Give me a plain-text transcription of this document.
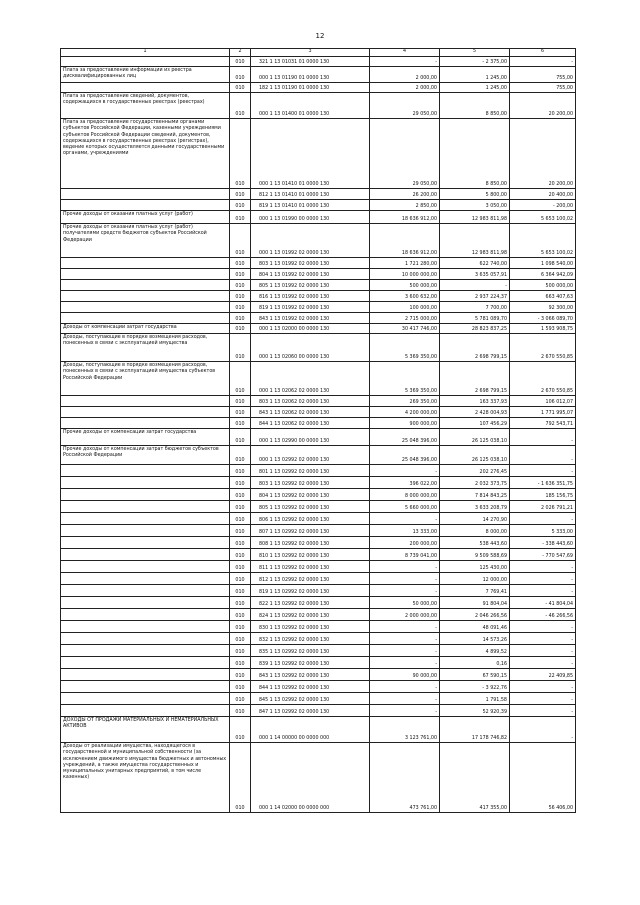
12
1	2	3	4	5	6
	010	321 1 13 01031 01 0000 130	-	- 2 375,00	-
Плата за предоставление информации из реестра дисквалифицированных лиц	010	000 1 13 01190 01 0000 130	2 000,00	1 245,00	755,00
	010	182 1 13 01190 01 0000 130	2 000,00	1 245,00	755,00
Плата за предоставление сведений, документов, содержащихся в государственных реестрах (реестрах)	010	000 1 13 01400 01 0000 130	29 050,00	8 850,00	20 200,00
Плата за предоставление государственными органами субъектов Российской Федерации, казенными учреждениями субъектов Российской Федерации сведений, документов, содержащихся в государственных реестрах (регистрах), ведение которых осуществляется данными государственными органами, учреждениями	010	000 1 13 01410 01 0000 130	29 050,00	8 850,00	20 200,00
	010	812 1 13 01410 01 0000 130	26 200,00	5 800,00	20 400,00
	010	819 1 13 01410 01 0000 130	2 850,00	3 050,00	- 200,00
Прочие доходы от оказания платных услуг (работ)	010	000 1 13 01990 00 0000 130	18 636 912,00	12 983 811,98	5 653 100,02
Прочие доходы от оказания платных услуг (работ) получателями средств бюджетов субъектов Российской Федерации	010	000 1 13 01992 02 0000 130	18 636 912,00	12 983 811,98	5 653 100,02
	010	803 1 13 01992 02 0000 130	1 721 280,00	622 740,00	1 098 540,00
	010	804 1 13 01992 02 0000 130	10 000 000,00	3 635 057,91	6 364 942,09
	010	805 1 13 01992 02 0000 130	500 000,00	-	500 000,00
	010	816 1 13 01992 02 0000 130	3 600 632,00	2 937 224,37	663 407,63
	010	819 1 13 01992 02 0000 130	100 000,00	7 700,00	92 300,00
	010	843 1 13 01992 02 0000 130	2 715 000,00	5 781 089,70	- 3 066 089,70
Доходы от компенсации затрат государства	010	000 1 13 02000 00 0000 130	30 417 746,00	28 823 837,25	1 593 908,75
Доходы, поступающие в порядке возмещения расходов, понесенных в связи с эксплуатацией имущества	010	000 1 13 02060 00 0000 130	5 369 350,00	2 698 799,15	2 670 550,85
Доходы, поступающие в порядке возмещения расходов, понесенных в связи с эксплуатацией имущества субъектов Российской Федерации	010	000 1 13 02062 02 0000 130	5 369 350,00	2 698 799,15	2 670 550,85
	010	803 1 13 02062 02 0000 130	269 350,00	163 337,93	106 012,07
	010	843 1 13 02062 02 0000 130	4 200 000,00	2 428 004,93	1 771 995,07
	010	844 1 13 02062 02 0000 130	900 000,00	107 456,29	792 543,71
Прочие доходы от компенсации затрат государства	010	000 1 13 02990 00 0000 130	25 048 396,00	26 125 038,10	-
Прочие доходы от компенсации затрат бюджетов субъектов Российской Федерации	010	000 1 13 02992 02 0000 130	25 048 396,00	26 125 038,10	-
	010	801 1 13 02992 02 0000 130	-	202 276,45	-
	010	803 1 13 02992 02 0000 130	396 022,00	2 032 373,75	- 1 636 351,75
	010	804 1 13 02992 02 0000 130	8 000 000,00	7 814 843,25	185 156,75
	010	805 1 13 02992 02 0000 130	5 660 000,00	3 633 208,79	2 026 791,21
	010	806 1 13 02992 02 0000 130	-	14 270,90	-
	010	807 1 13 02992 02 0000 130	13 333,00	8 000,00	5 333,00
	010	808 1 13 02992 02 0000 130	200 000,00	538 443,60	- 338 443,60
	010	810 1 13 02992 02 0000 130	8 739 041,00	9 509 588,69	- 770 547,69
	010	811 1 13 02992 02 0000 130	-	125 430,00	-
	010	812 1 13 02992 02 0000 130	-	12 000,00	-
	010	819 1 13 02992 02 0000 130	-	7 769,41	-
	010	822 1 13 02992 02 0000 130	50 000,00	91 804,04	- 41 804,04
	010	824 1 13 02992 02 0000 130	2 000 000,00	2 046 266,56	- 46 266,56
	010	830 1 13 02992 02 0000 130	-	48 091,46	-
	010	832 1 13 02992 02 0000 130	-	14 573,26	-
	010	835 1 13 02992 02 0000 130	-	4 899,52	-
	010	839 1 13 02992 02 0000 130	-	0,16	-
	010	843 1 13 02992 02 0000 130	90 000,00	67 590,15	22 409,85
	010	844 1 13 02992 02 0000 130	-	- 3 922,76	-
	010	845 1 13 02992 02 0000 130	-	1 791,58	-
	010	847 1 13 02992 02 0000 130	-	52 920,39	-
ДОХОДЫ ОТ ПРОДАЖИ МАТЕРИАЛЬНЫХ И НЕМАТЕРИАЛЬНЫХ АКТИВОВ	010	000 1 14 00000 00 0000 000	3 123 761,00	17 178 746,82	-
Доходы от реализации имущества, находящегося в государственной и муниципальной собственности (за исключением движимого имущества бюджетных и автономных учреждений, а также имущества государственных и муниципальных унитарных предприятий, в том числе казенных)	010	000 1 14 02000 00 0000 000	473 761,00	417 355,00	56 406,00
